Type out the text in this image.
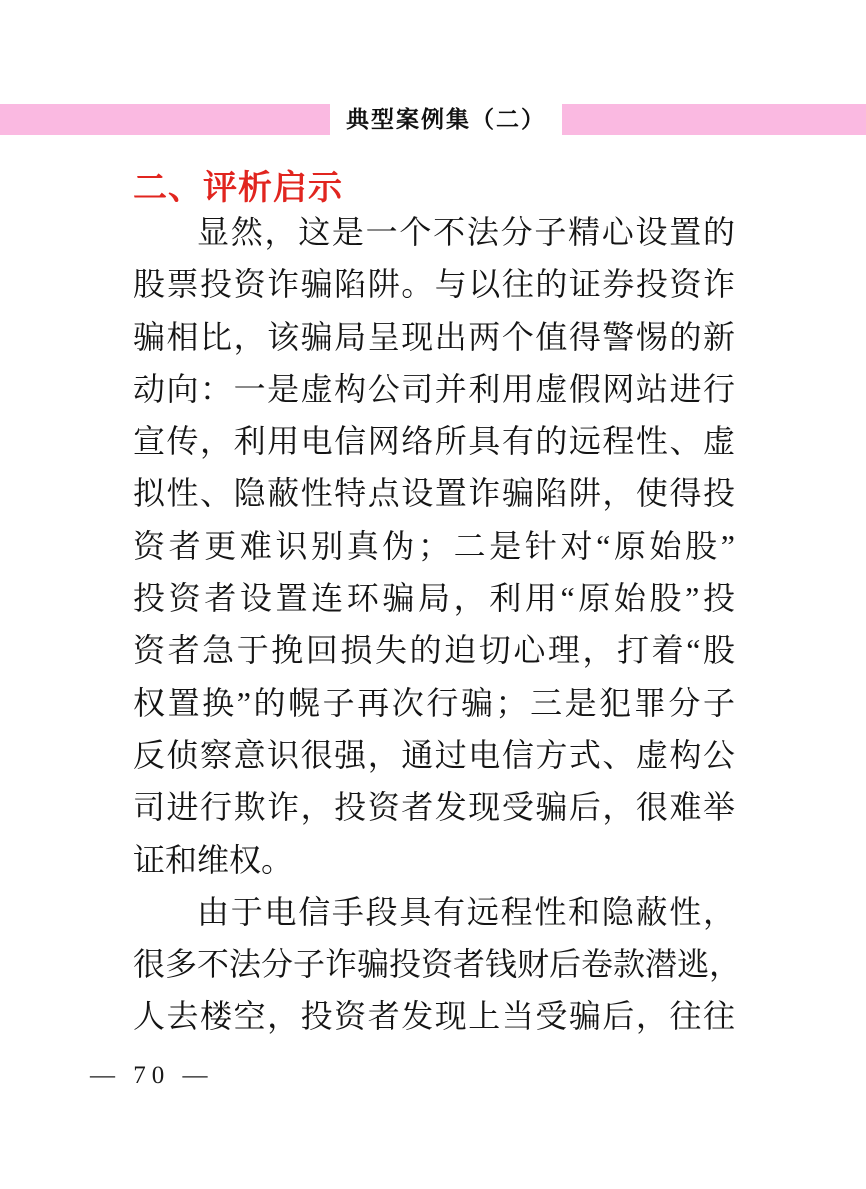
典型案例集（二）
二、评析启示
显然，这是一个不法分子精心设置的
股票投资诈骗陷阱。与以往的证券投资诈
骗相比，该骗局呈现出两个值得警惕的新
动向：一是虚构公司并利用虚假网站进行
宣传，利用电信网络所具有的远程性、虚
拟性、隐蔽性特点设置诈骗陷阱，使得投
资者更难识别真伪；二是针对“原始股”
投资者设置连环骗局，利用“原始股”投
资者急于挽回损失的迫切心理，打着“股
权置换”的幌子再次行骗；三是犯罪分子
反侦察意识很强，通过电信方式、虚构公
司进行欺诈，投资者发现受骗后，很难举
证和维权。
由于电信手段具有远程性和隐蔽性，
很多不法分子诈骗投资者钱财后卷款潜逃，
人去楼空，投资者发现上当受骗后，往往
— 70 —
